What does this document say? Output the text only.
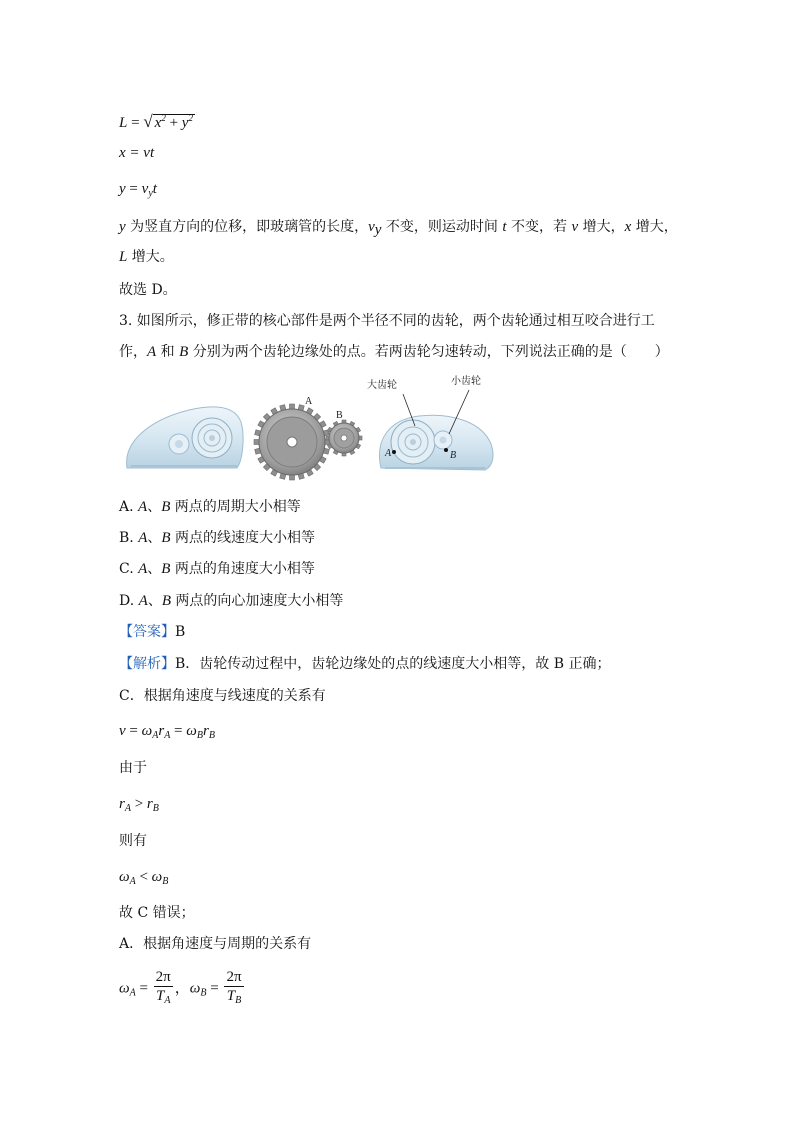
L = √ $x^2 + y^2$
x = vt
$y = v_yt$
y 为竖直方向的位移，即玻璃管的长度，$v_y$ 不变，则运动时间 t 不变，若 v 增大，x 增大，
L 增大。
故选 D。
3. 如图所示，修正带的核心部件是两个半径不同的齿轮，两个齿轮通过相互咬合进行工
作，A 和 B 分别为两个齿轮边缘处的点。若两齿轮匀速转动，下列说法正确的是（　　）
A
B
大齿轮	小齿轮
A	B
A. A、B 两点的周期大小相等
B. A、B 两点的线速度大小相等
C. A、B 两点的角速度大小相等
D. A、B 两点的向心加速度大小相等
【答案】B
【解析】B．齿轮传动过程中，齿轮边缘处的点的线速度大小相等，故 B 正确；
C．根据角速度与线速度的关系有
$v = \omega_Ar_A = \omega_Br_B$
由于
$r_A > r_B$
则有
$\omega_A < \omega_B$
故 C 错误；
A．根据角速度与周期的关系有
$\omega_A = \frac{2\pi}{T_A}$ ，$\omega_B = \frac{2\pi}{T_B}$
